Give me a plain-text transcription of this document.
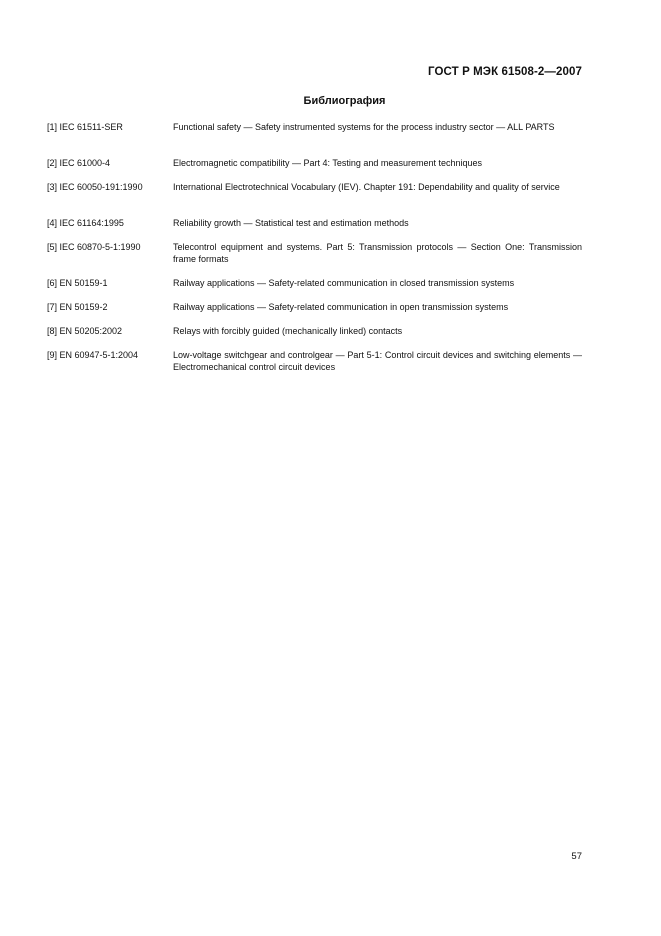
ГОСТ Р МЭК 61508-2—2007
Библиография
[1] IEC 61511-SER	Functional safety — Safety instrumented systems for the process industry sector — ALL PARTS
[2] IEC 61000-4	Electromagnetic compatibility — Part 4: Testing and measurement techniques
[3] IEC 60050-191:1990	International Electrotechnical Vocabulary (IEV). Chapter 191: Dependability and quality of service
[4] IEC 61164:1995	Reliability growth — Statistical test and estimation methods
[5] IEC 60870-5-1:1990	Telecontrol equipment and systems. Part 5: Transmission protocols — Section One: Transmission frame formats
[6] EN 50159-1	Railway applications — Safety-related communication in closed transmission systems
[7] EN 50159-2	Railway applications — Safety-related communication in open transmission systems
[8] EN 50205:2002	Relays with forcibly guided (mechanically linked) contacts
[9] EN 60947-5-1:2004	Low-voltage switchgear and controlgear — Part 5-1: Control circuit devices and switching elements — Electromechanical control circuit devices
57
